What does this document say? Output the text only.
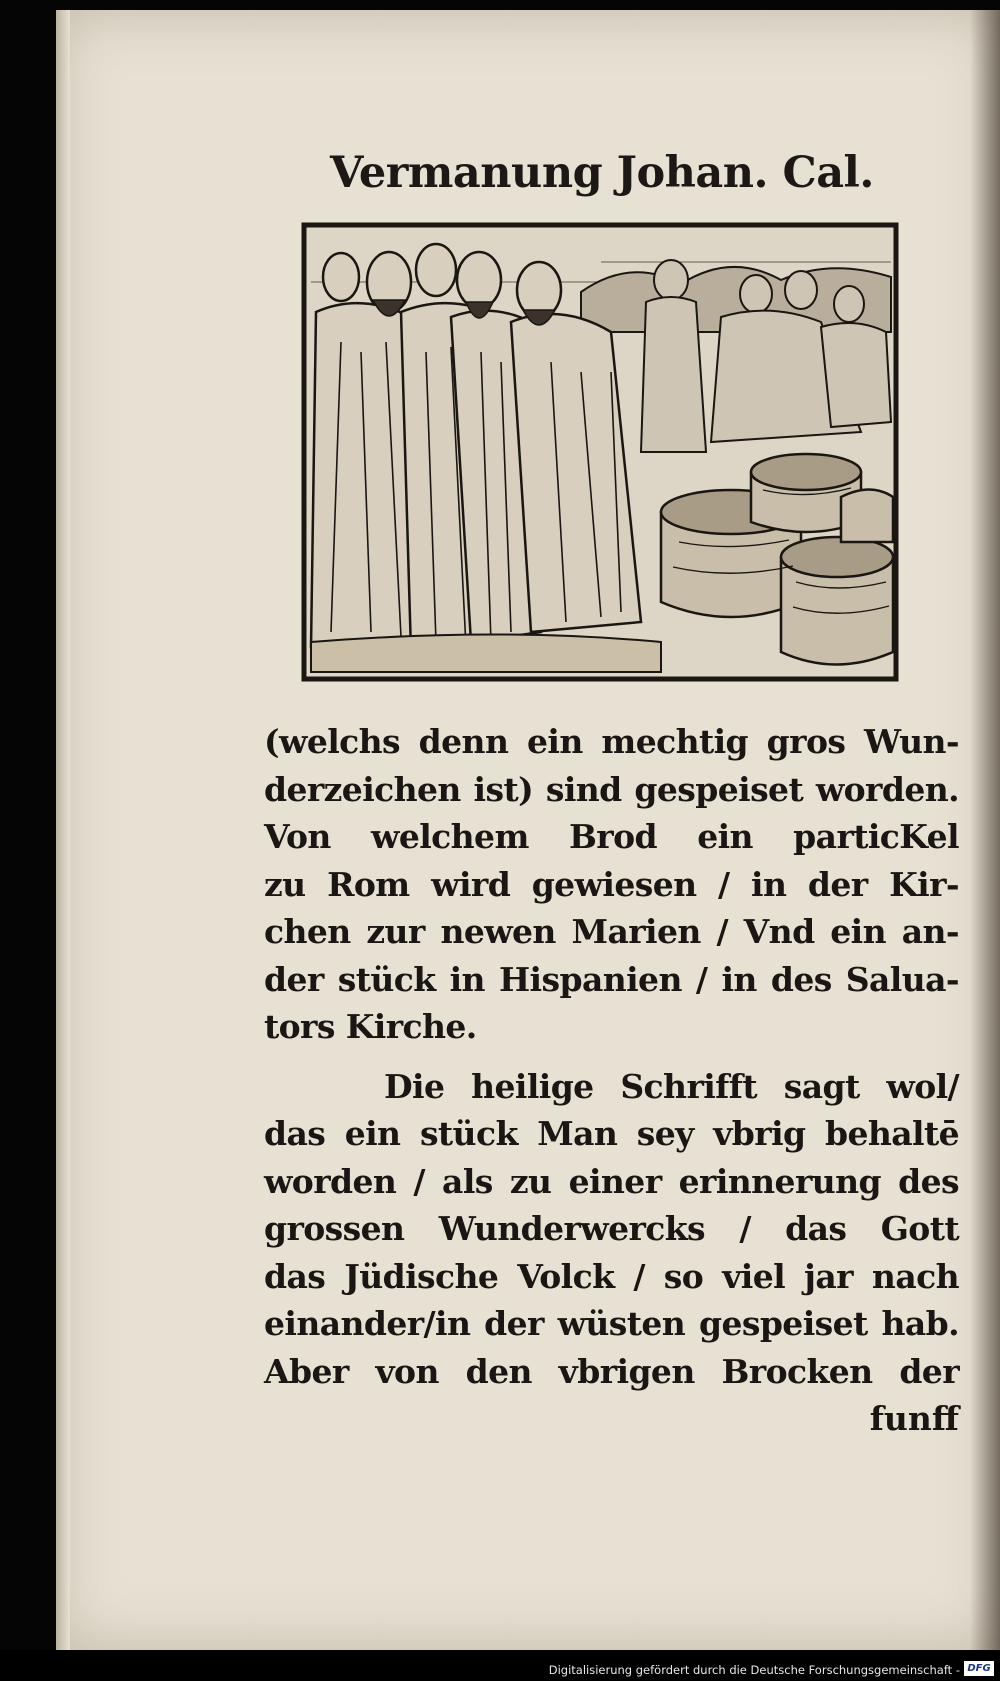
Vermanung Johan. Cal.
(welchs denn ein mechtig gros Wun-
derzeichen ist) sind gespeiset worden.
Von welchem Brod ein particKel
zu Rom wird gewiesen / in der Kir-
chen zur newen Marien / Vnd ein an-
der stück in Hispanien / in des Salua-
tors Kirche.
Die heilige Schrifft sagt wol/
das ein stück Man sey vbrig behaltē
worden / als zu einer erinnerung des
grossen Wunderwercks / das Gott
das Jüdische Volck / so viel jar nach
einander/in der wüsten gespeiset hab.
Aber von den vbrigen Brocken der
funff
Digitalisierung gefördert durch die Deutsche Forschungsgemeinschaft - DFG
